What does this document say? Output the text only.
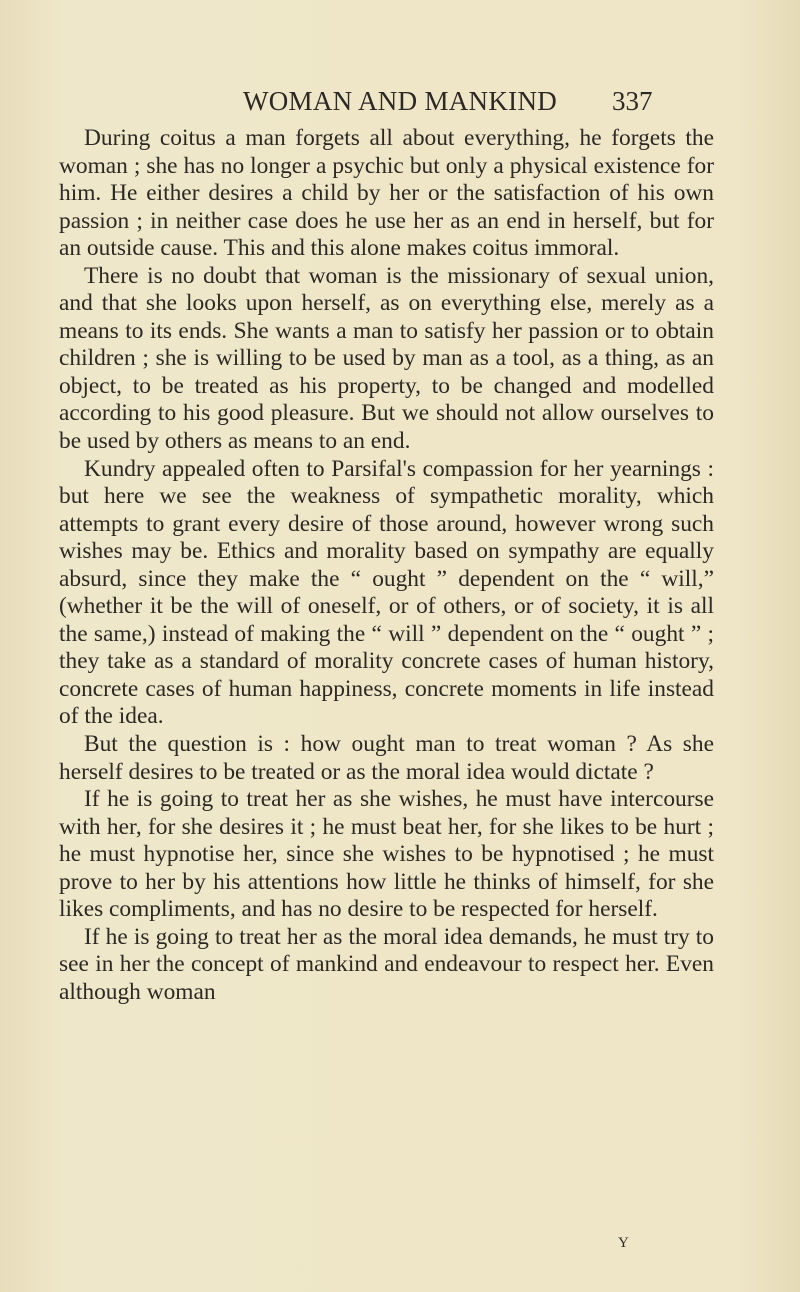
WOMAN AND MANKIND	337

During coitus a man forgets all about everything, he forgets the woman ; she has no longer a psychic but only a physical existence for him. He either desires a child by her or the satisfaction of his own passion ; in neither case does he use her as an end in herself, but for an outside cause. This and this alone makes coitus immoral.

There is no doubt that woman is the missionary of sexual union, and that she looks upon herself, as on everything else, merely as a means to its ends. She wants a man to satisfy her passion or to obtain children ; she is willing to be used by man as a tool, as a thing, as an object, to be treated as his property, to be changed and modelled according to his good pleasure. But we should not allow ourselves to be used by others as means to an end.

Kundry appealed often to Parsifal's compassion for her yearnings : but here we see the weakness of sympathetic morality, which attempts to grant every desire of those around, however wrong such wishes may be. Ethics and morality based on sympathy are equally absurd, since they make the “ ought ” dependent on the “ will,” (whether it be the will of oneself, or of others, or of society, it is all the same,) instead of making the “ will ” dependent on the “ ought ” ; they take as a standard of morality concrete cases of human history, concrete cases of human happiness, concrete moments in life instead of the idea.

But the question is : how ought man to treat woman ? As she herself desires to be treated or as the moral idea would dictate ?

If he is going to treat her as she wishes, he must have intercourse with her, for she desires it ; he must beat her, for she likes to be hurt ; he must hypnotise her, since she wishes to be hypnotised ; he must prove to her by his attentions how little he thinks of himself, for she likes compliments, and has no desire to be respected for herself.

If he is going to treat her as the moral idea demands, he must try to see in her the concept of mankind and endeavour to respect her. Even although woman

Y
